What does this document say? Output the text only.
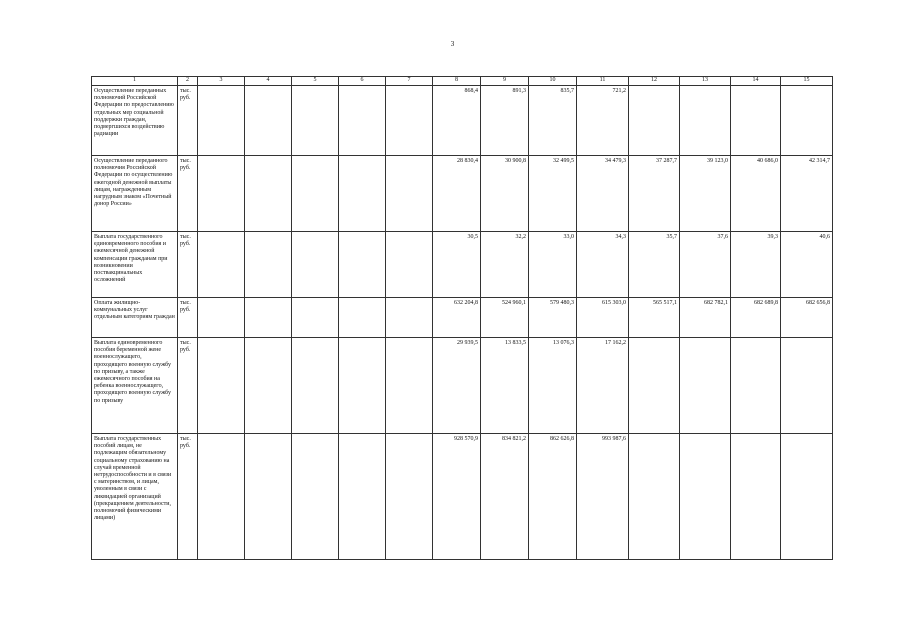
3
1	2	3	4	5	6	7	8	9	10	11	12	13	14	15
Осуществление переданных полномочий Российской Федерации по предоставлению отдельных мер социальной поддержки граждан, подвергшихся воздействию радиации	тыс. руб.						868,4	891,3	835,7	721,2				
Осуществление переданного полномочия Российской Федерации по осуществлению ежегодной денежной выплаты лицам, награжденным нагрудным знаком «Почетный донор России»	тыс. руб.						28 830,4	30 900,8	32 499,5	34 479,3	37 287,7	39 123,0	40 686,0	42 314,7
Выплата государственного единовременного пособия и ежемесячной денежной компенсации гражданам при возникновении поствакцинальных осложнений	тыс. руб.						30,5	32,2	33,0	34,3	35,7	37,6	39,3	40,6
Оплата жилищно-коммунальных услуг отдельным категориям граждан	тыс. руб.						632 204,8	524 960,1	579 480,3	615 303,0	565 517,1	682 782,1	682 689,8	682 656,8
Выплата единовременного пособия беременной жене военнослужащего, проходящего военную службу по призыву, а также ежемесячного пособия на ребенка военнослужащего, проходящего военную службу по призыву	тыс. руб.						29 939,5	13 833,5	13 076,3	17 162,2				
Выплата государственных пособий лицам, не подлежащим обязательному социальному страхованию на случай временной нетрудоспособности и в связи с материнством, и лицам, уволенным в связи с ликвидацией организаций (прекращением деятельности, полномочий физическими лицами)	тыс. руб.						928 570,9	834 821,2	862 626,8	993 987,6				
